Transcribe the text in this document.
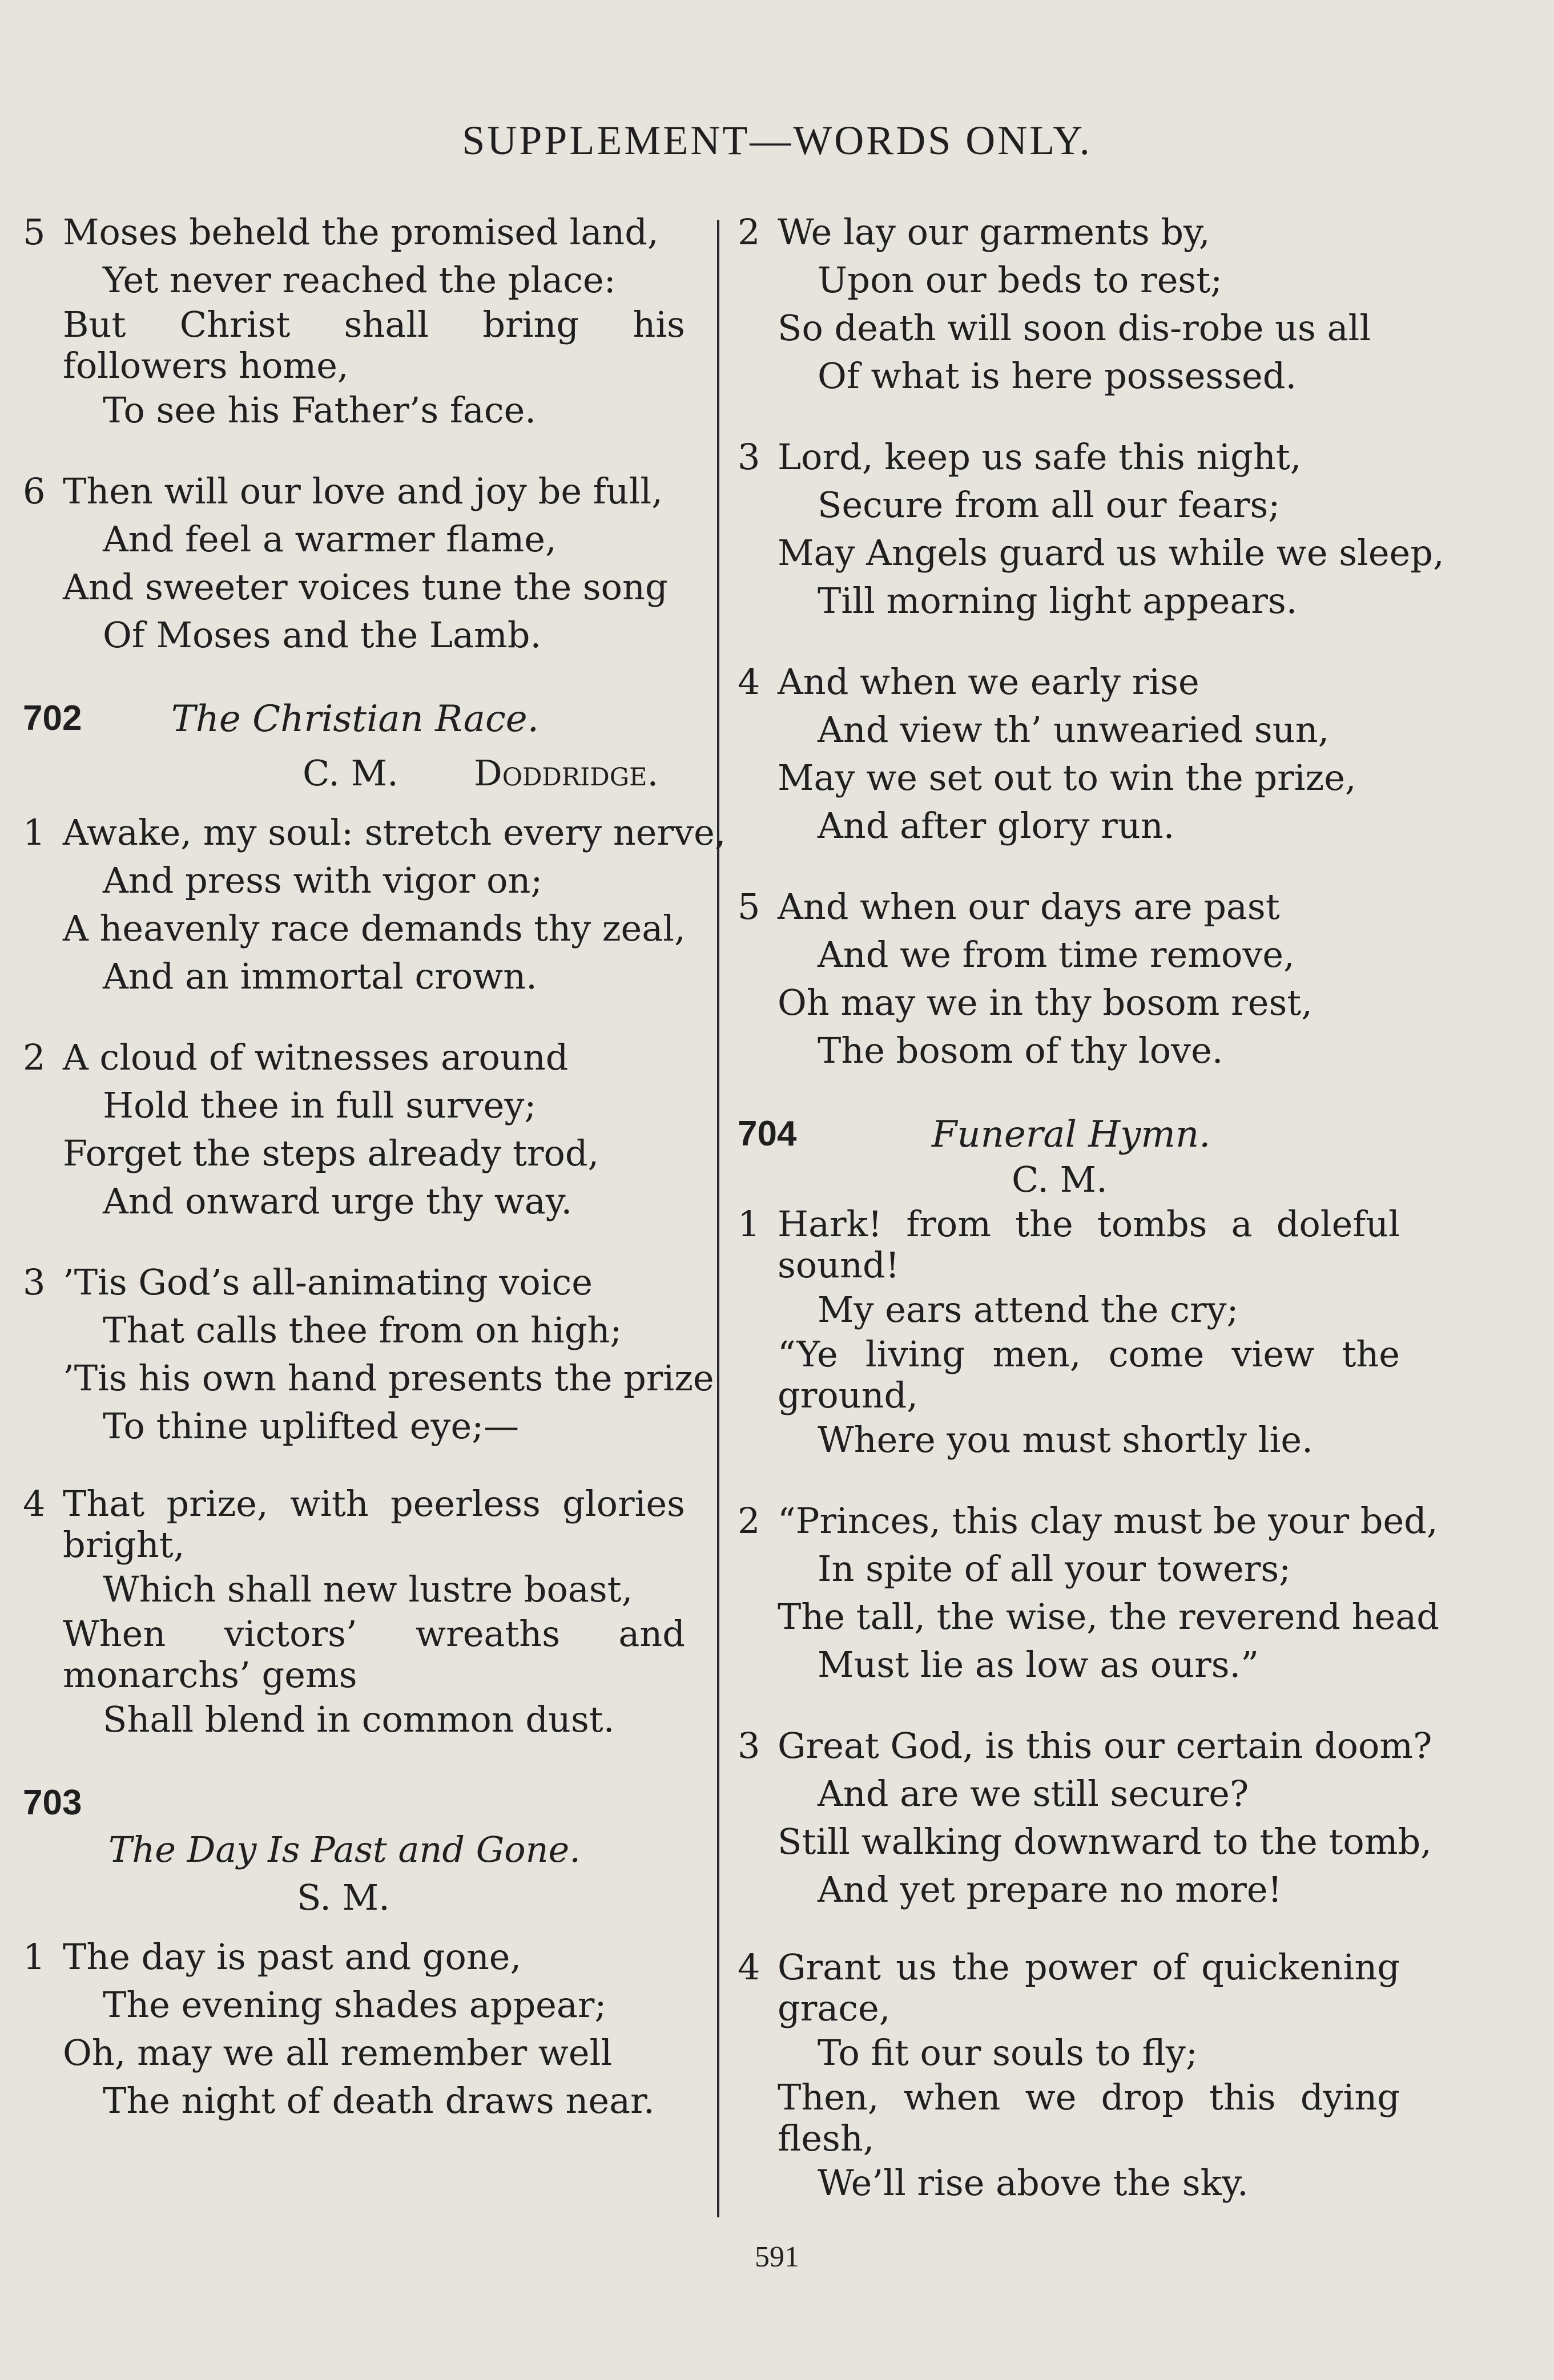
SUPPLEMENT—WORDS ONLY.
5 Moses beheld the promised land,
Yet never reached the place:
But Christ shall bring his followers home,
To see his Father’s face.
6 Then will our love and joy be full,
And feel a warmer flame,
And sweeter voices tune the song
Of Moses and the Lamb.
702 The Christian Race.
C. M. Doddridge.
1 Awake, my soul: stretch every nerve,
And press with vigor on;
A heavenly race demands thy zeal,
And an immortal crown.
2 A cloud of witnesses around
Hold thee in full survey;
Forget the steps already trod,
And onward urge thy way.
3 ’Tis God’s all-animating voice
That calls thee from on high;
’Tis his own hand presents the prize
To thine uplifted eye;—
4 That prize, with peerless glories bright,
Which shall new lustre boast,
When victors’ wreaths and monarchs’ gems
Shall blend in common dust.
703
The Day Is Past and Gone.
S. M.
1 The day is past and gone,
The evening shades appear;
Oh, may we all remember well
The night of death draws near.
2 We lay our garments by,
Upon our beds to rest;
So death will soon dis-robe us all
Of what is here possessed.
3 Lord, keep us safe this night,
Secure from all our fears;
May Angels guard us while we sleep,
Till morning light appears.
4 And when we early rise
And view th’ unwearied sun,
May we set out to win the prize,
And after glory run.
5 And when our days are past
And we from time remove,
Oh may we in thy bosom rest,
The bosom of thy love.
704	Funeral Hymn.
C. M.
1 Hark! from the tombs a doleful sound!
My ears attend the cry;
“Ye living men, come view the ground,
Where you must shortly lie.
2 “Princes, this clay must be your bed,
In spite of all your towers;
The tall, the wise, the reverend head
Must lie as low as ours.”
3 Great God, is this our certain doom?
And are we still secure?
Still walking downward to the tomb,
And yet prepare no more!
4 Grant us the power of quickening grace,
To fit our souls to fly;
Then, when we drop this dying flesh,
We’ll rise above the sky.
591
